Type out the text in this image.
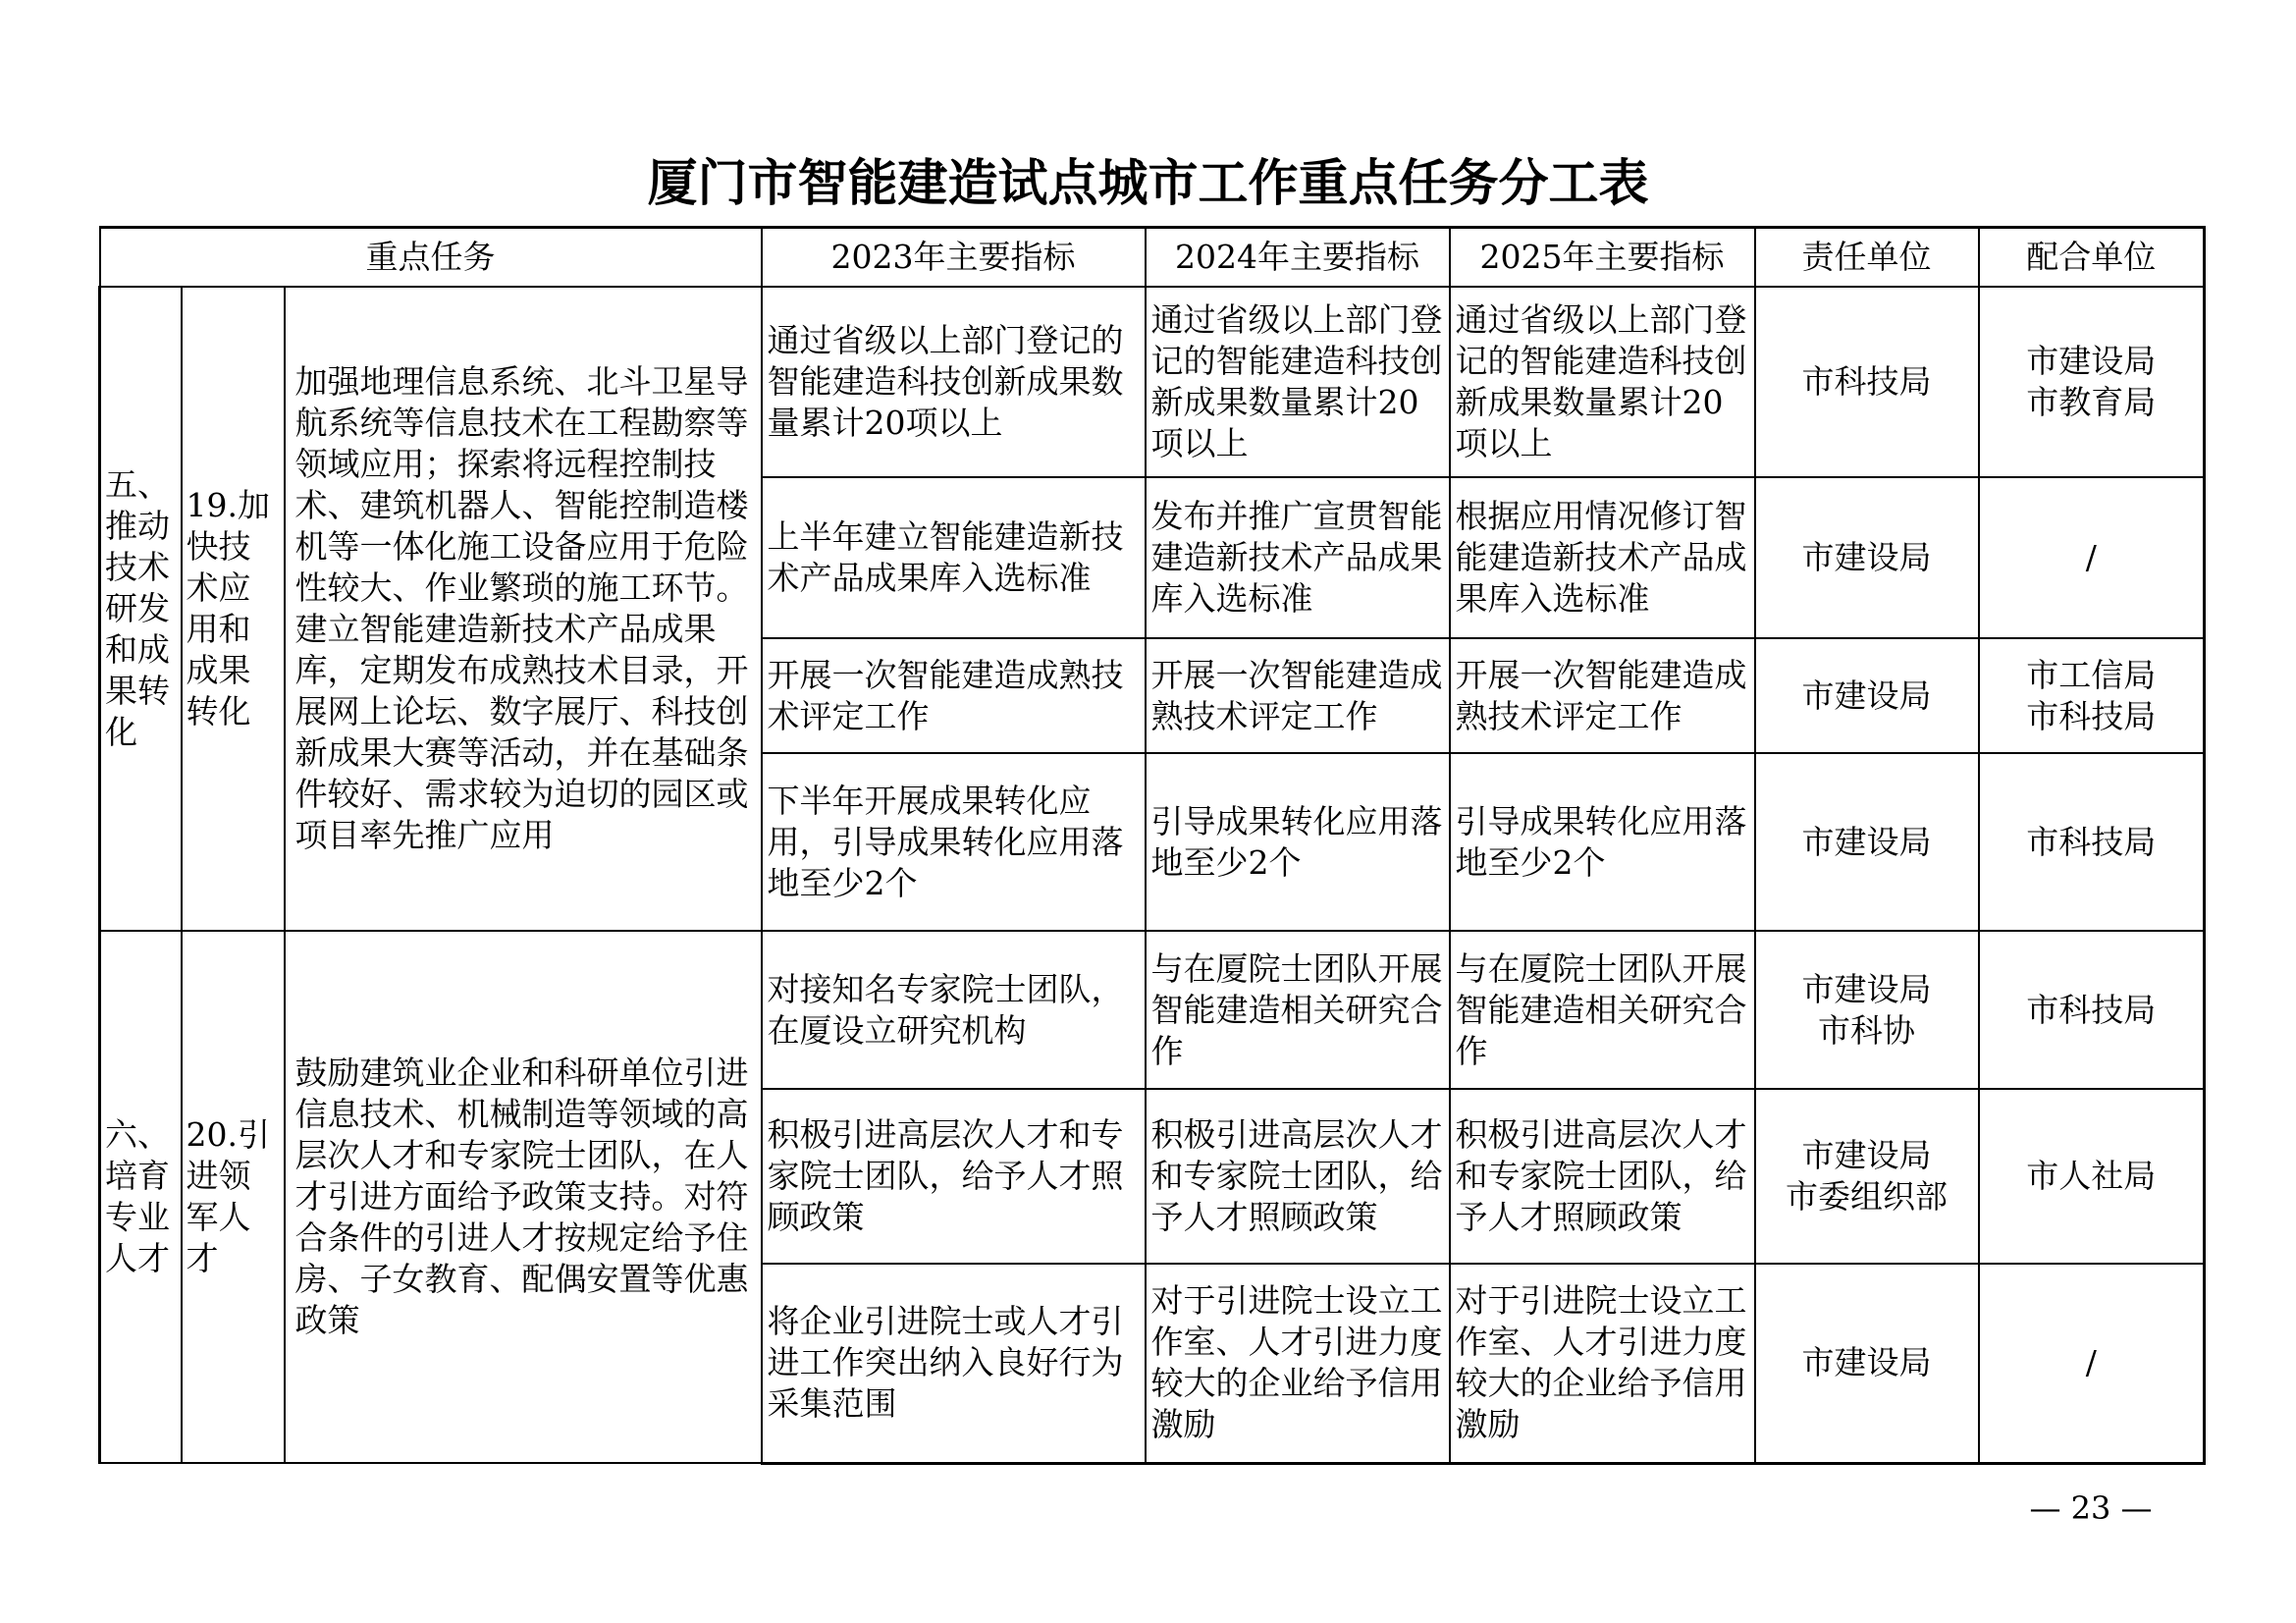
厦门市智能建造试点城市工作重点任务分工表
重点任务			2023年主要指标	2024年主要指标	2025年主要指标	责任单位	配合单位

五、推动技术研发和成果转化	19.加快技术应用和成果转化	加强地理信息系统、北斗卫星导航系统等信息技术在工程勘察等领域应用；探索将远程控制技术、建筑机器人、智能控制造楼机等一体化施工设备应用于危险性较大、作业繁琐的施工环节。建立智能建造新技术产品成果库，定期发布成熟技术目录，开展网上论坛、数字展厅、科技创新成果大赛等活动，并在基础条件较好、需求较为迫切的园区或项目率先推广应用	通过省级以上部门登记的智能建造科技创新成果数量累计20项以上	通过省级以上部门登记的智能建造科技创新成果数量累计20项以上	通过省级以上部门登记的智能建造科技创新成果数量累计20项以上	市科技局	市建设局
市教育局

			上半年建立智能建造新技术产品成果库入选标准	发布并推广宣贯智能建造新技术产品成果库入选标准	根据应用情况修订智能建造新技术产品成果库入选标准	市建设局	/

			开展一次智能建造成熟技术评定工作	开展一次智能建造成熟技术评定工作	开展一次智能建造成熟技术评定工作	市建设局	市工信局
市科技局

			下半年开展成果转化应用，引导成果转化应用落地至少2个	引导成果转化应用落地至少2个	引导成果转化应用落地至少2个	市建设局	市科技局

六、培育专业人才	20.引进领军人才	鼓励建筑业企业和科研单位引进信息技术、机械制造等领域的高层次人才和专家院士团队，在人才引进方面给予政策支持。对符合条件的引进人才按规定给予住房、子女教育、配偶安置等优惠政策	对接知名专家院士团队，在厦设立研究机构	与在厦院士团队开展智能建造相关研究合作	与在厦院士团队开展智能建造相关研究合作	市建设局
市科协	市科技局

			积极引进高层次人才和专家院士团队，给予人才照顾政策	积极引进高层次人才和专家院士团队，给予人才照顾政策	积极引进高层次人才和专家院士团队，给予人才照顾政策	市建设局
市委组织部	市人社局

			将企业引进院士或人才引进工作突出纳入良好行为采集范围	对于引进院士设立工作室、人才引进力度较大的企业给予信用激励	对于引进院士设立工作室、人才引进力度较大的企业给予信用激励	市建设局	/
— 23 —
